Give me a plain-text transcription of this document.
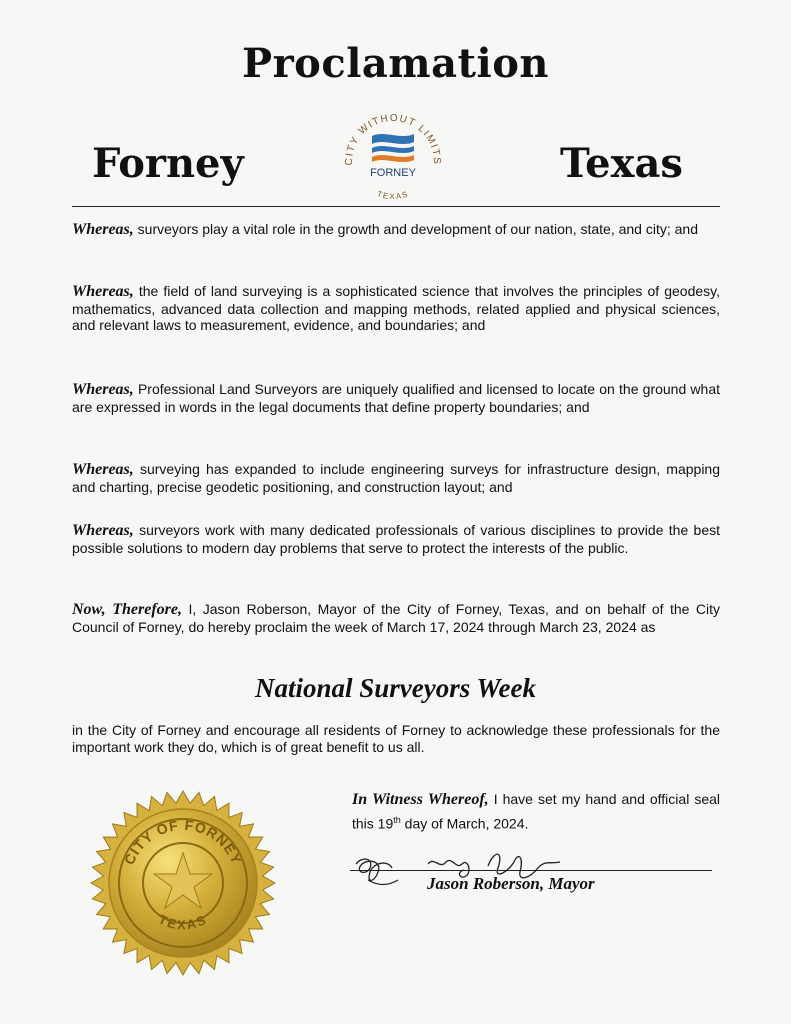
Proclamation
Forney	Texas
CITY WITHOUT LIMITS
TEXAS
FORNEY
Whereas, surveyors play a vital role in the growth and development of our nation, state, and city; and
Whereas, the field of land surveying is a sophisticated science that involves the principles of geodesy, mathematics, advanced data collection and mapping methods, related applied and physical sciences, and relevant laws to measurement, evidence, and boundaries; and
Whereas, Professional Land Surveyors are uniquely qualified and licensed to locate on the ground what are expressed in words in the legal documents that define property boundaries; and
Whereas, surveying has expanded to include engineering surveys for infrastructure design, mapping and charting, precise geodetic positioning, and construction layout; and
Whereas, surveyors work with many dedicated professionals of various disciplines to provide the best possible solutions to modern day problems that serve to protect the interests of the public.
Now, Therefore, I, Jason Roberson, Mayor of the City of Forney, Texas, and on behalf of the City Council of Forney, do hereby proclaim the week of March 17, 2024 through March 23, 2024 as
National Surveyors Week
in the City of Forney and encourage all residents of Forney to acknowledge these professionals for the important work they do, which is of great benefit to us all.
In Witness Whereof, I have set my hand and official seal this 19th day of March, 2024.
Jason Roberson, Mayor
CITY OF FORNEY
TEXAS
